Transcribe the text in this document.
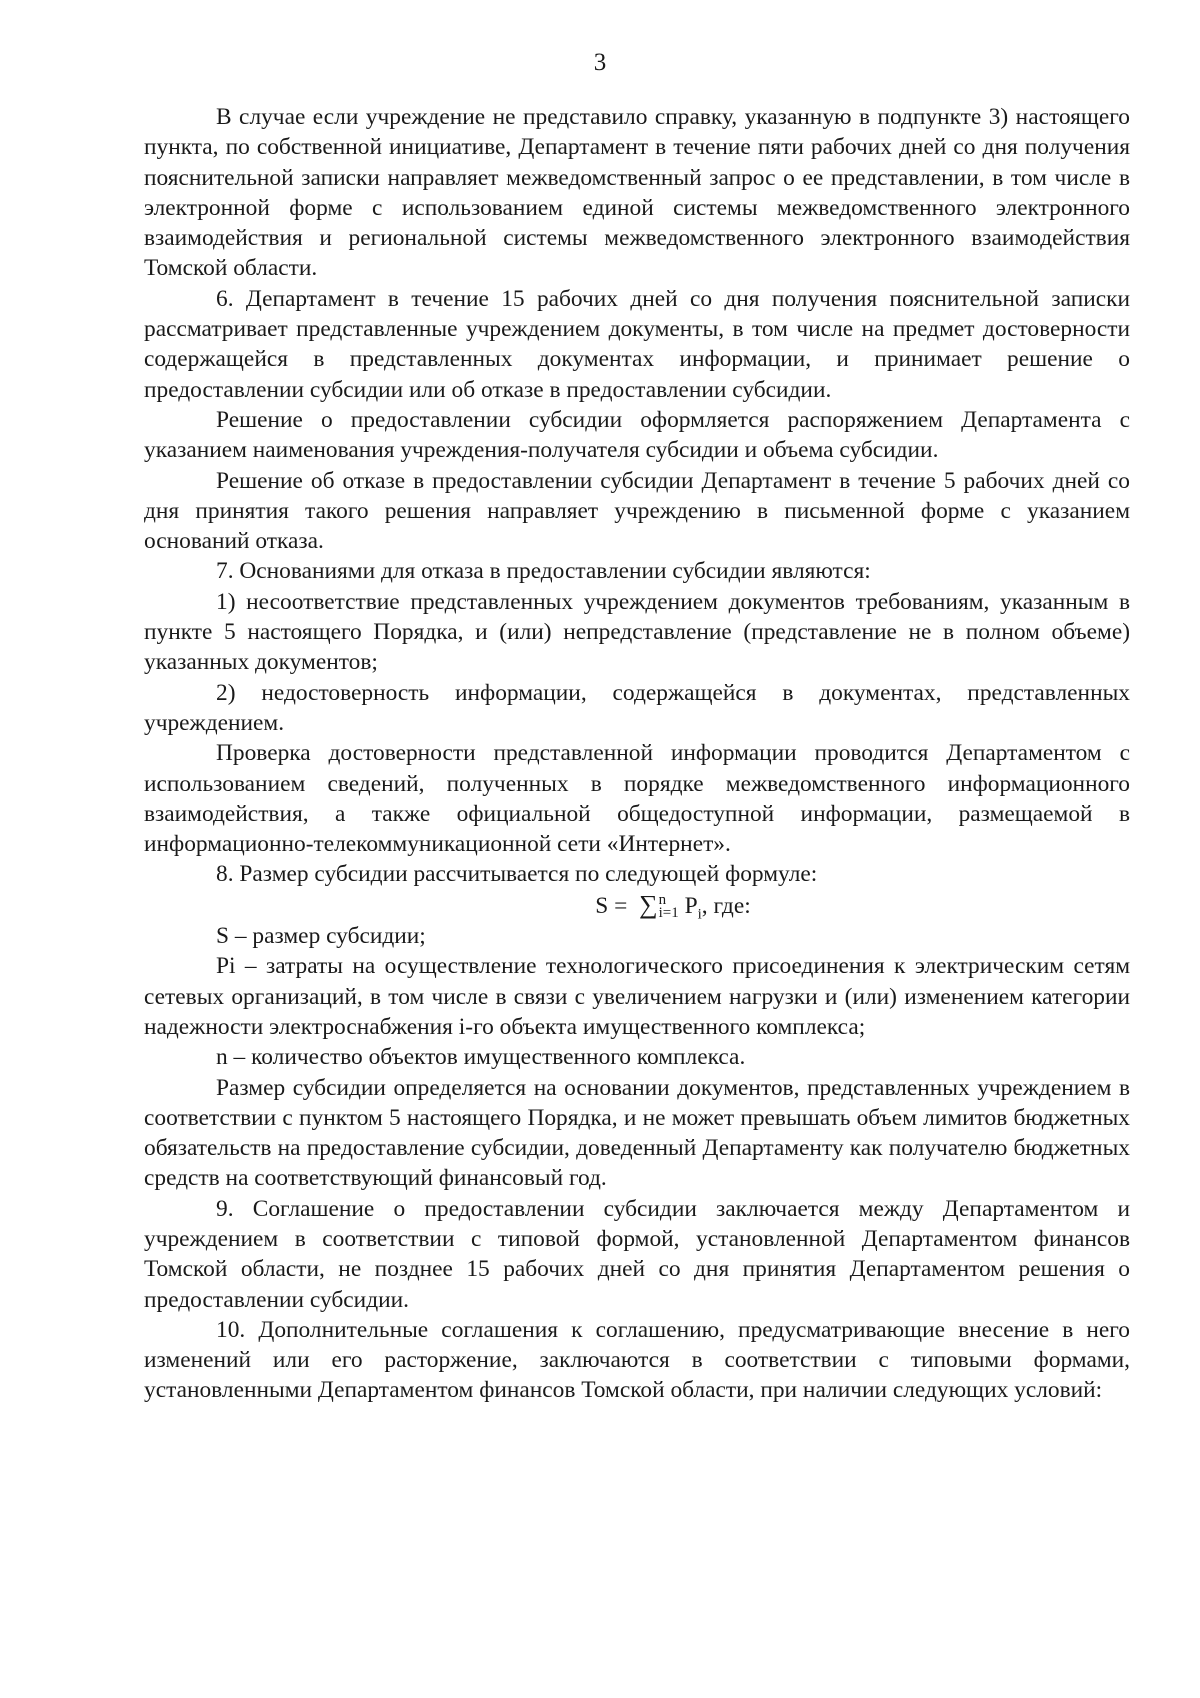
3

В случае если учреждение не представило справку, указанную в подпункте 3) настоящего пункта, по собственной инициативе, Департамент в течение пяти рабочих дней со дня получения пояснительной записки направляет межведомственный запрос о ее представлении, в том числе в электронной форме с использованием единой системы межведомственного электронного взаимодействия и региональной системы межведомственного электронного взаимодействия Томской области.

6. Департамент в течение 15 рабочих дней со дня получения пояснительной записки рассматривает представленные учреждением документы, в том числе на предмет достоверности содержащейся в представленных документах информации, и принимает решение о предоставлении субсидии или об отказе в предоставлении субсидии.

Решение о предоставлении субсидии оформляется распоряжением Департамента с указанием наименования учреждения-получателя субсидии и объема субсидии.

Решение об отказе в предоставлении субсидии Департамент в течение 5 рабочих дней со дня принятия такого решения направляет учреждению в письменной форме с указанием оснований отказа.

7. Основаниями для отказа в предоставлении субсидии являются:

1) несоответствие представленных учреждением документов требованиям, указанным в пункте 5 настоящего Порядка, и (или) непредставление (представление не в полном объеме) указанных документов;

2) недостоверность информации, содержащейся в документах, представленных учреждением.

Проверка достоверности представленной информации проводится Департаментом с использованием сведений, полученных в порядке межведомственного информационного взаимодействия, а также официальной общедоступной информации, размещаемой в информационно-телекоммуникационной сети «Интернет».

8. Размер субсидии рассчитывается по следующей формуле:

S = ∑ n
i=1 $P_i$, где:

S – размер субсидии;

Pi – затраты на осуществление технологического присоединения к электрическим сетям сетевых организаций, в том числе в связи с увеличением нагрузки и (или) изменением категории надежности электроснабжения i-го объекта имущественного комплекса;

n – количество объектов имущественного комплекса.

Размер субсидии определяется на основании документов, представленных учреждением в соответствии с пунктом 5 настоящего Порядка, и не может превышать объем лимитов бюджетных обязательств на предоставление субсидии, доведенный Департаменту как получателю бюджетных средств на соответствующий финансовый год.

9. Соглашение о предоставлении субсидии заключается между Департаментом и учреждением в соответствии с типовой формой, установленной Департаментом финансов Томской области, не позднее 15 рабочих дней со дня принятия Департаментом решения о предоставлении субсидии.

10. Дополнительные соглашения к соглашению, предусматривающие внесение в него изменений или его расторжение, заключаются в соответствии с типовыми формами, установленными Департаментом финансов Томской области, при наличии следующих условий:
